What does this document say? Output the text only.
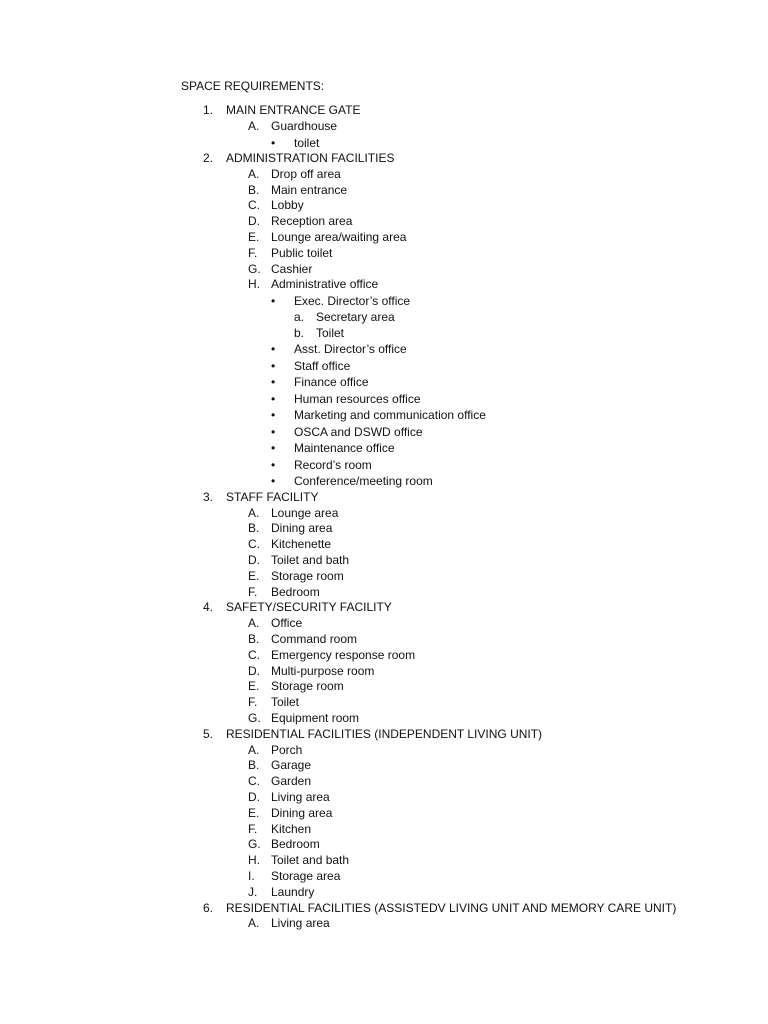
SPACE REQUIREMENTS:
1. MAIN ENTRANCE GATE
A. Guardhouse
• toilet
2. ADMINISTRATION FACILITIES
A. Drop off area
B. Main entrance
C. Lobby
D. Reception area
E. Lounge area/waiting area
F. Public toilet
G. Cashier
H. Administrative office
• Exec. Director’s office
a. Secretary area
b. Toilet
• Asst. Director’s office
• Staff office
• Finance office
• Human resources office
• Marketing and communication office
• OSCA and DSWD office
• Maintenance office
• Record’s room
• Conference/meeting room
3. STAFF FACILITY
A. Lounge area
B. Dining area
C. Kitchenette
D. Toilet and bath
E. Storage room
F. Bedroom
4. SAFETY/SECURITY FACILITY
A. Office
B. Command room
C. Emergency response room
D. Multi-purpose room
E. Storage room
F. Toilet
G. Equipment room
5. RESIDENTIAL FACILITIES (INDEPENDENT LIVING UNIT)
A. Porch
B. Garage
C. Garden
D. Living area
E. Dining area
F. Kitchen
G. Bedroom
H. Toilet and bath
I. Storage area
J. Laundry
6. RESIDENTIAL FACILITIES (ASSISTEDV LIVING UNIT AND MEMORY CARE UNIT)
A. Living area
